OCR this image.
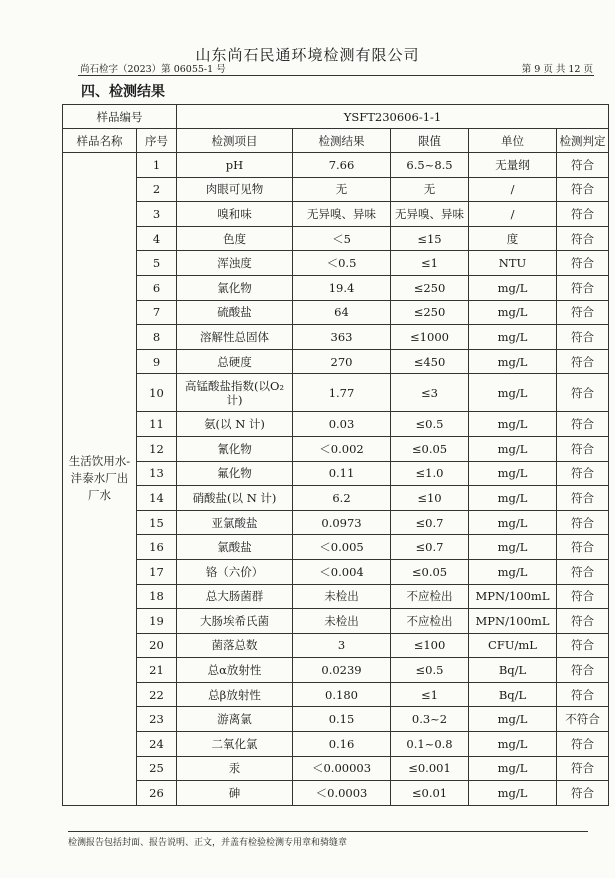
山东尚石民通环境检测有限公司
尚石检字（2023）第 06055-1 号	第 9 页 共 12 页
四、检测结果
样品编号		YSFT230606-1-1				
样品名称	序号	检测项目	检测结果	限值	单位	检测判定
生活饮用水-沣泰水厂出厂水	1	pH	7.66	6.5~8.5	无量纲	符合
	2	肉眼可见物	无	无	/	符合
	3	嗅和味	无异嗅、异味	无异嗅、异味	/	符合
	4	色度	＜5	≤15	度	符合
	5	浑浊度	＜0.5	≤1	NTU	符合
	6	氯化物	19.4	≤250	mg/L	符合
	7	硫酸盐	64	≤250	mg/L	符合
	8	溶解性总固体	363	≤1000	mg/L	符合
	9	总硬度	270	≤450	mg/L	符合
	10	高锰酸盐指数(以O₂计)	1.77	≤3	mg/L	符合
	11	氨(以 N 计)	0.03	≤0.5	mg/L	符合
	12	氰化物	＜0.002	≤0.05	mg/L	符合
	13	氟化物	0.11	≤1.0	mg/L	符合
	14	硝酸盐(以 N 计)	6.2	≤10	mg/L	符合
	15	亚氯酸盐	0.0973	≤0.7	mg/L	符合
	16	氯酸盐	＜0.005	≤0.7	mg/L	符合
	17	铬（六价）	＜0.004	≤0.05	mg/L	符合
	18	总大肠菌群	未检出	不应检出	MPN/100mL	符合
	19	大肠埃希氏菌	未检出	不应检出	MPN/100mL	符合
	20	菌落总数	3	≤100	CFU/mL	符合
	21	总α放射性	0.0239	≤0.5	Bq/L	符合
	22	总β放射性	0.180	≤1	Bq/L	符合
	23	游离氯	0.15	0.3~2	mg/L	不符合
	24	二氧化氯	0.16	0.1~0.8	mg/L	符合
	25	汞	＜0.00003	≤0.001	mg/L	符合
	26	砷	＜0.0003	≤0.01	mg/L	符合
检测报告包括封面、报告说明、正文，并盖有检验检测专用章和骑缝章
